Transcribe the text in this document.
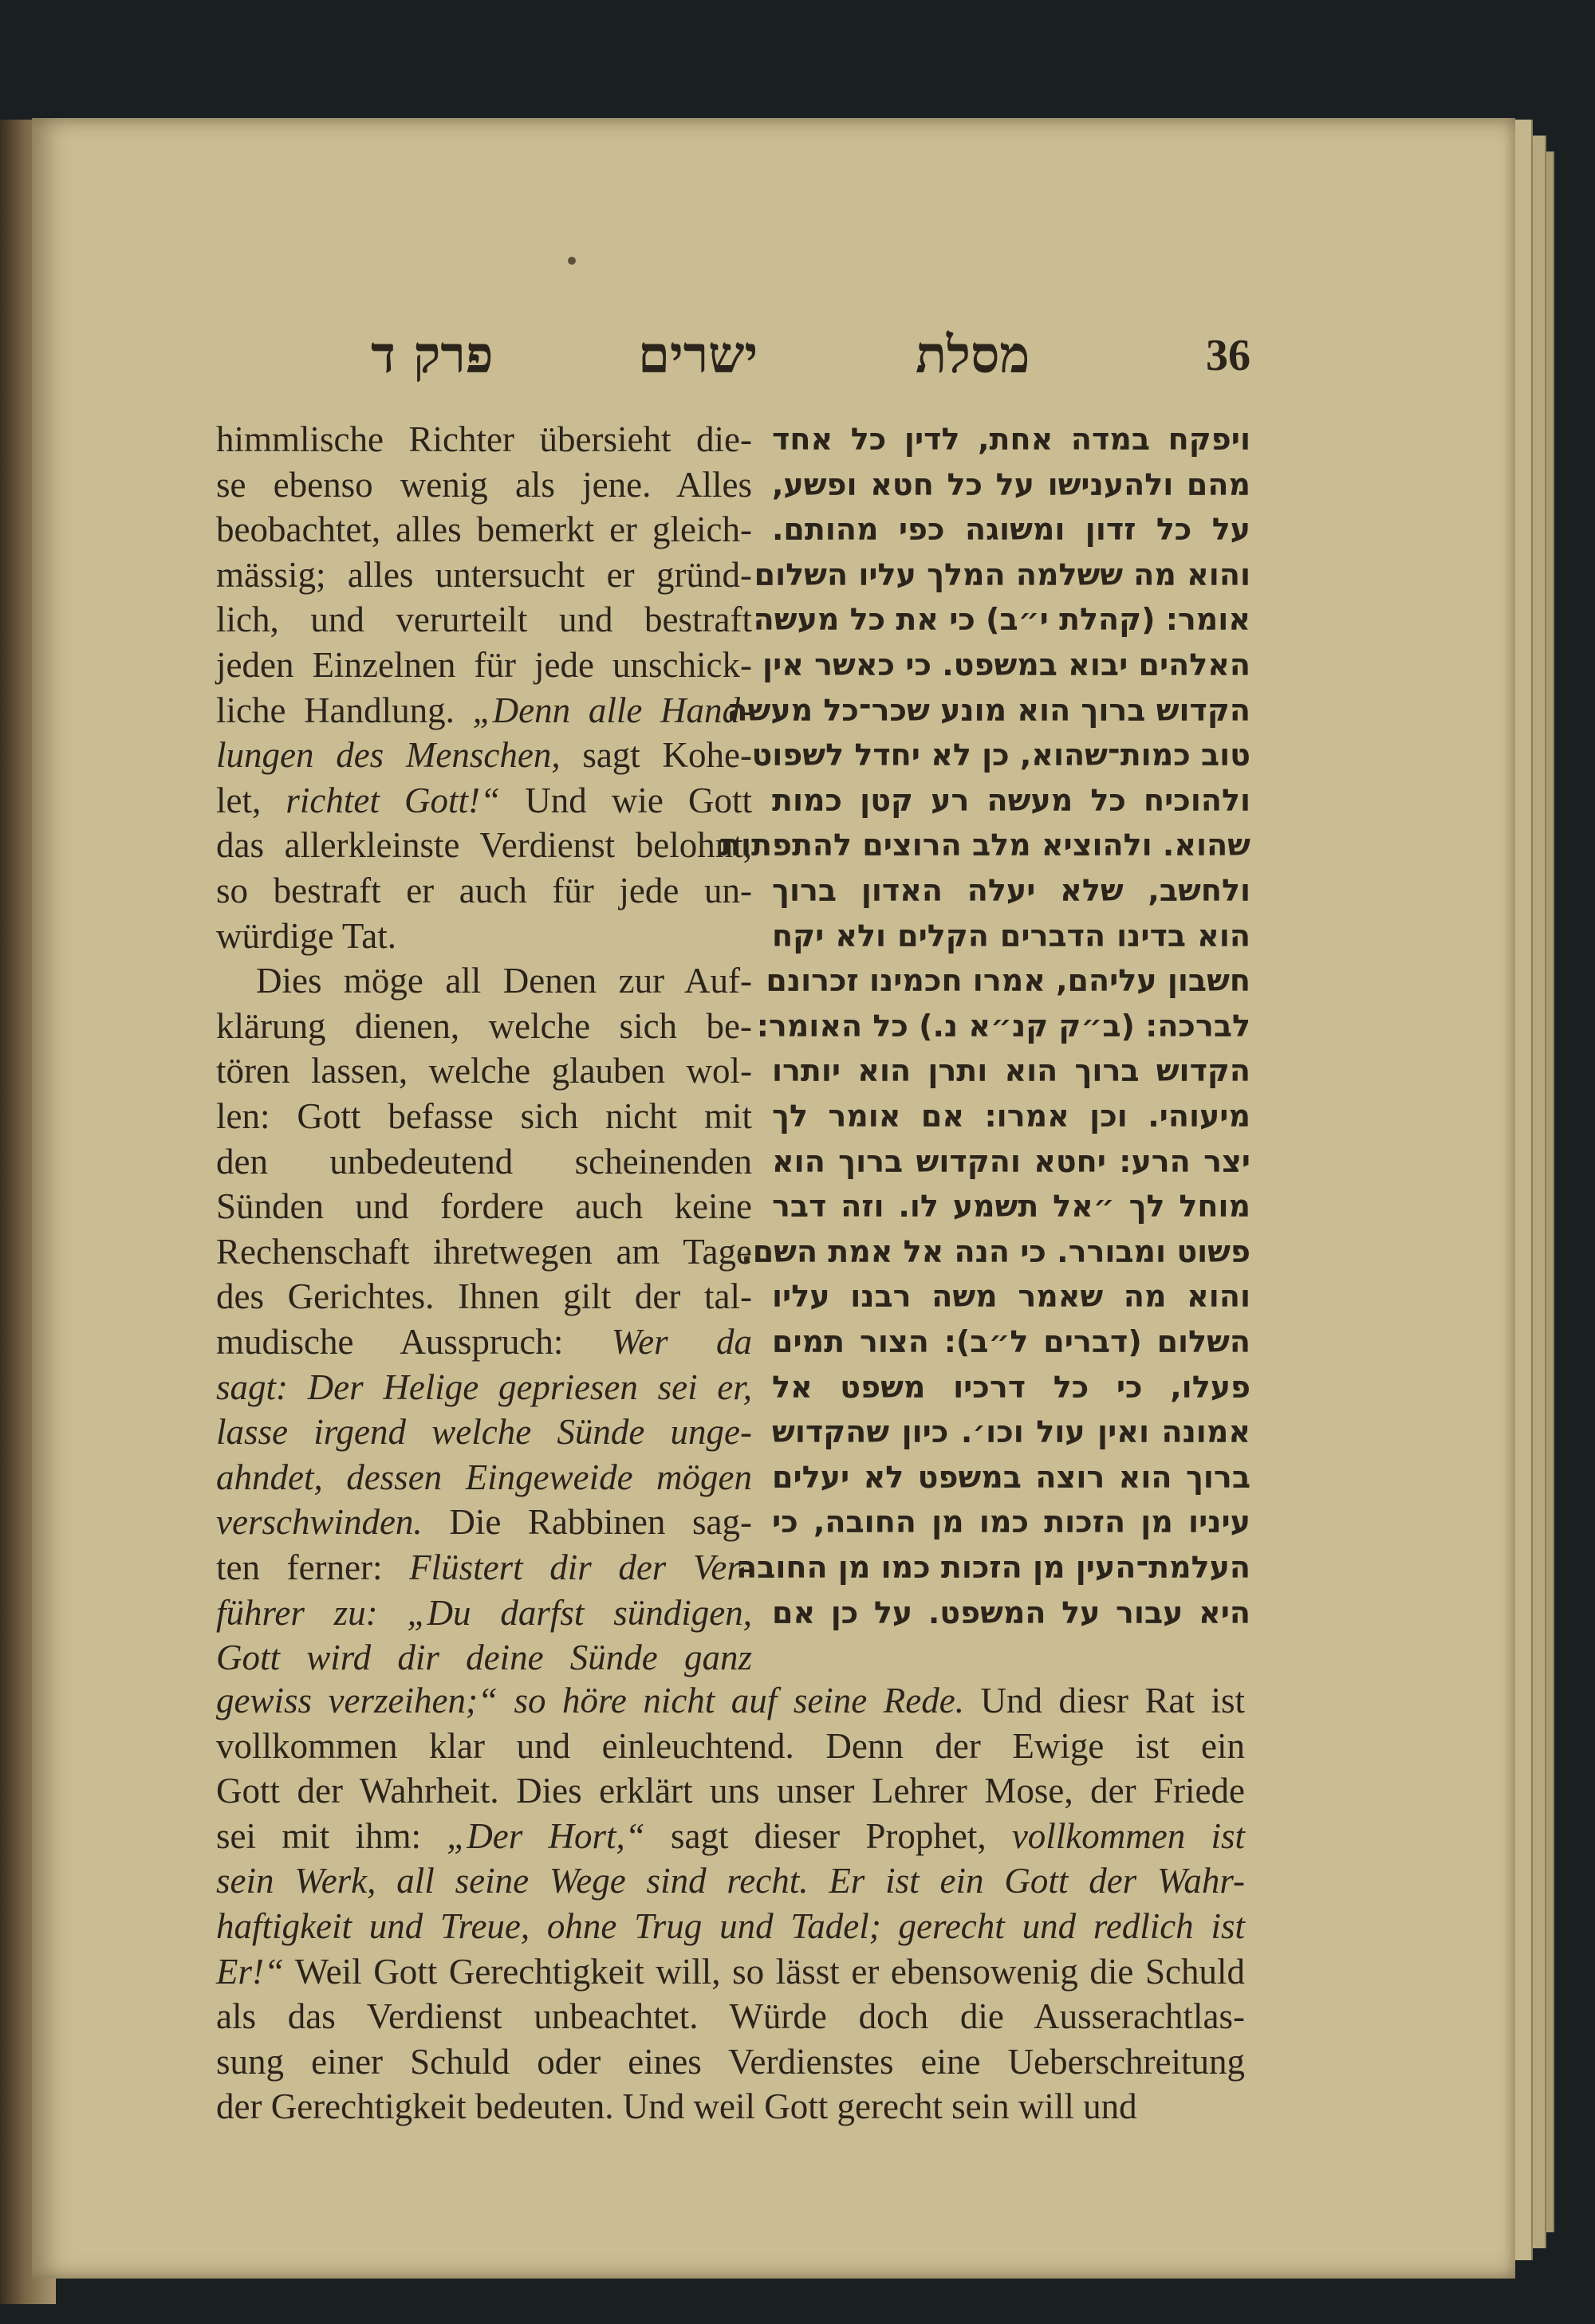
36
מסלת
ישרים
פרק ד
himmlische Richter übersieht die-
se ebenso wenig als jene. Alles
beobachtet, alles bemerkt er gleich-
mässig; alles untersucht er gründ-
lich, und verurteilt und bestraft
jeden Einzelnen für jede unschick-
liche Handlung. „Denn alle Hand-
lungen des Menschen, sagt Kohe-
let, richtet Gott!“ Und wie Gott
das allerkleinste Verdienst belohnt,
so bestraft er auch für jede un-
würdige Tat.
Dies möge all Denen zur Auf-
klärung dienen, welche sich be-
tören lassen, welche glauben wol-
len: Gott befasse sich nicht mit
den unbedeutend scheinenden
Sünden und fordere auch keine
Rechenschaft ihretwegen am Tage
des Gerichtes. Ihnen gilt der tal-
mudische Ausspruch: Wer da
sagt: Der Helige gepriesen sei er,
lasse irgend welche Sünde unge-
ahndet, dessen Eingeweide mögen
verschwinden. Die Rabbinen sag-
ten ferner: Flüstert dir der Ver-
führer zu: „Du darfst sündigen,
Gott wird dir deine Sünde ganz
ויפקח במדה אחת, לדין כל אחד
מהם ולהענישו על כל חטא ופשע,
על כל זדון ומשוגה כפי מהותם.
והוא מה ששלמה המלך עליו השלום
אומר: (קהלת י״ב) כי את כל מעשה
האלהים יבוא במשפט. כי כאשר אין
הקדוש ברוך הוא מונע שכר־כל מעשה
טוב כמות־שהוא, כן לא יחדל לשפוט
ולהוכיח כל מעשה רע קטן כמות
שהוא. ולהוציא מלב הרוצים להתפתות
ולחשב, שלא יעלה האדון ברוך
הוא בדינו הדברים הקלים ולא יקח
חשבון עליהם, אמרו חכמינו זכרונם
לברכה: (ב״ק קנ״א נ.) כל האומר:
הקדוש ברוך הוא ותרן הוא יותרו
מיעוהי. וכן אמרו: אם אומר לך
יצר הרע: יחטא והקדוש ברוך הוא
מוחל לך ״אל תשמע לו. וזה דבר
פשוט ומבורר. כי הנה אל אמת השם.
והוא מה שאמר משה רבנו עליו
השלום (דברים ל״ב): הצור תמים
פעלו, כי כל דרכיו משפט אל
אמונה ואין עול וכו׳. כיון שהקדוש
ברוך הוא רוצה במשפט לא יעלים
עיניו מן הזכות כמו מן החובה, כי
העלמת־העין מן הזכות כמו מן החובה
היא עבור על המשפט. על כן אם
gewiss verzeihen;“ so höre nicht auf seine Rede. Und diesr Rat ist
vollkommen klar und einleuchtend. Denn der Ewige ist ein
Gott der Wahrheit. Dies erklärt uns unser Lehrer Mose, der Friede
sei mit ihm: „Der Hort,“ sagt dieser Prophet, vollkommen ist
sein Werk, all seine Wege sind recht. Er ist ein Gott der Wahr-
haftigkeit und Treue, ohne Trug und Tadel; gerecht und redlich ist
Er!“ Weil Gott Gerechtigkeit will, so lässt er ebensowenig die Schuld
als das Verdienst unbeachtet. Würde doch die Ausserachtlas-
sung einer Schuld oder eines Verdienstes eine Ueberschreitung
der Gerechtigkeit bedeuten. Und weil Gott gerecht sein will und
